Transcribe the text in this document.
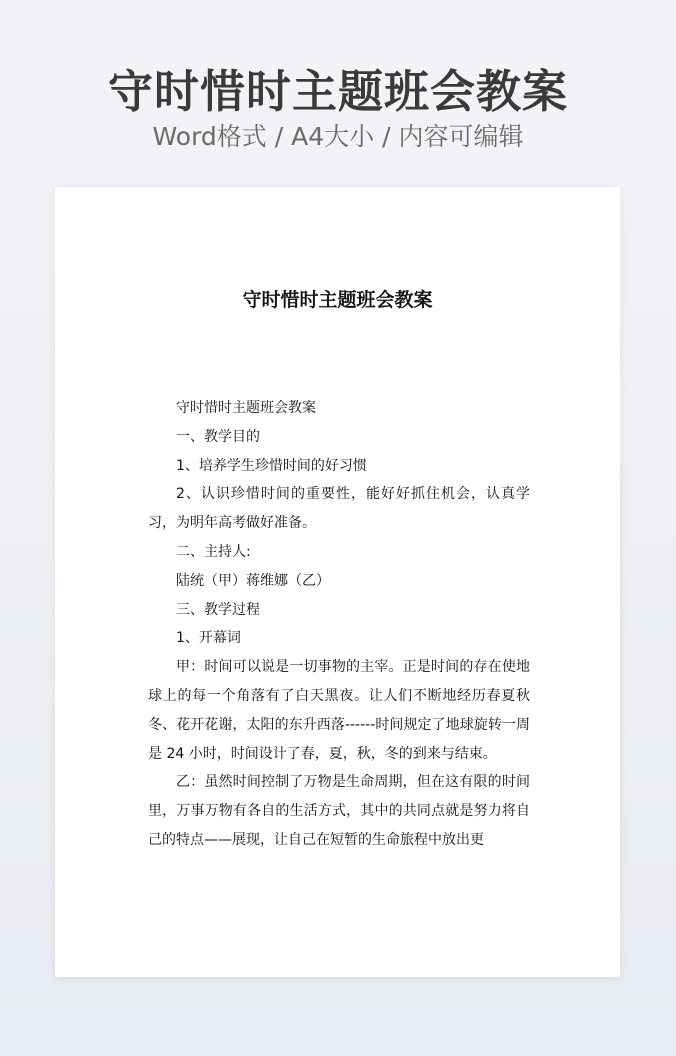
守时惜时主题班会教案
Word格式 / A4大小 / 内容可编辑
守时惜时主题班会教案

守时惜时主题班会教案

一、教学目的

1、培养学生珍惜时间的好习惯

2、认识珍惜时间的重要性，能好好抓住机会，认真学习，为明年高考做好准备。

二、主持人:

陆统（甲）蒋维娜（乙）

三、教学过程

1、开幕词

甲：时间可以说是一切事物的主宰。正是时间的存在使地球上的每一个角落有了白天黑夜。让人们不断地经历春夏秋冬、花开花谢，太阳的东升西落------时间规定了地球旋转一周是 24 小时，时间设计了春，夏，秋，冬的到来与结束。

乙：虽然时间控制了万物是生命周期，但在这有限的时间里，万事万物有各自的生活方式，其中的共同点就是努力将自己的特点——展现，让自己在短暂的生命旅程中放出更
